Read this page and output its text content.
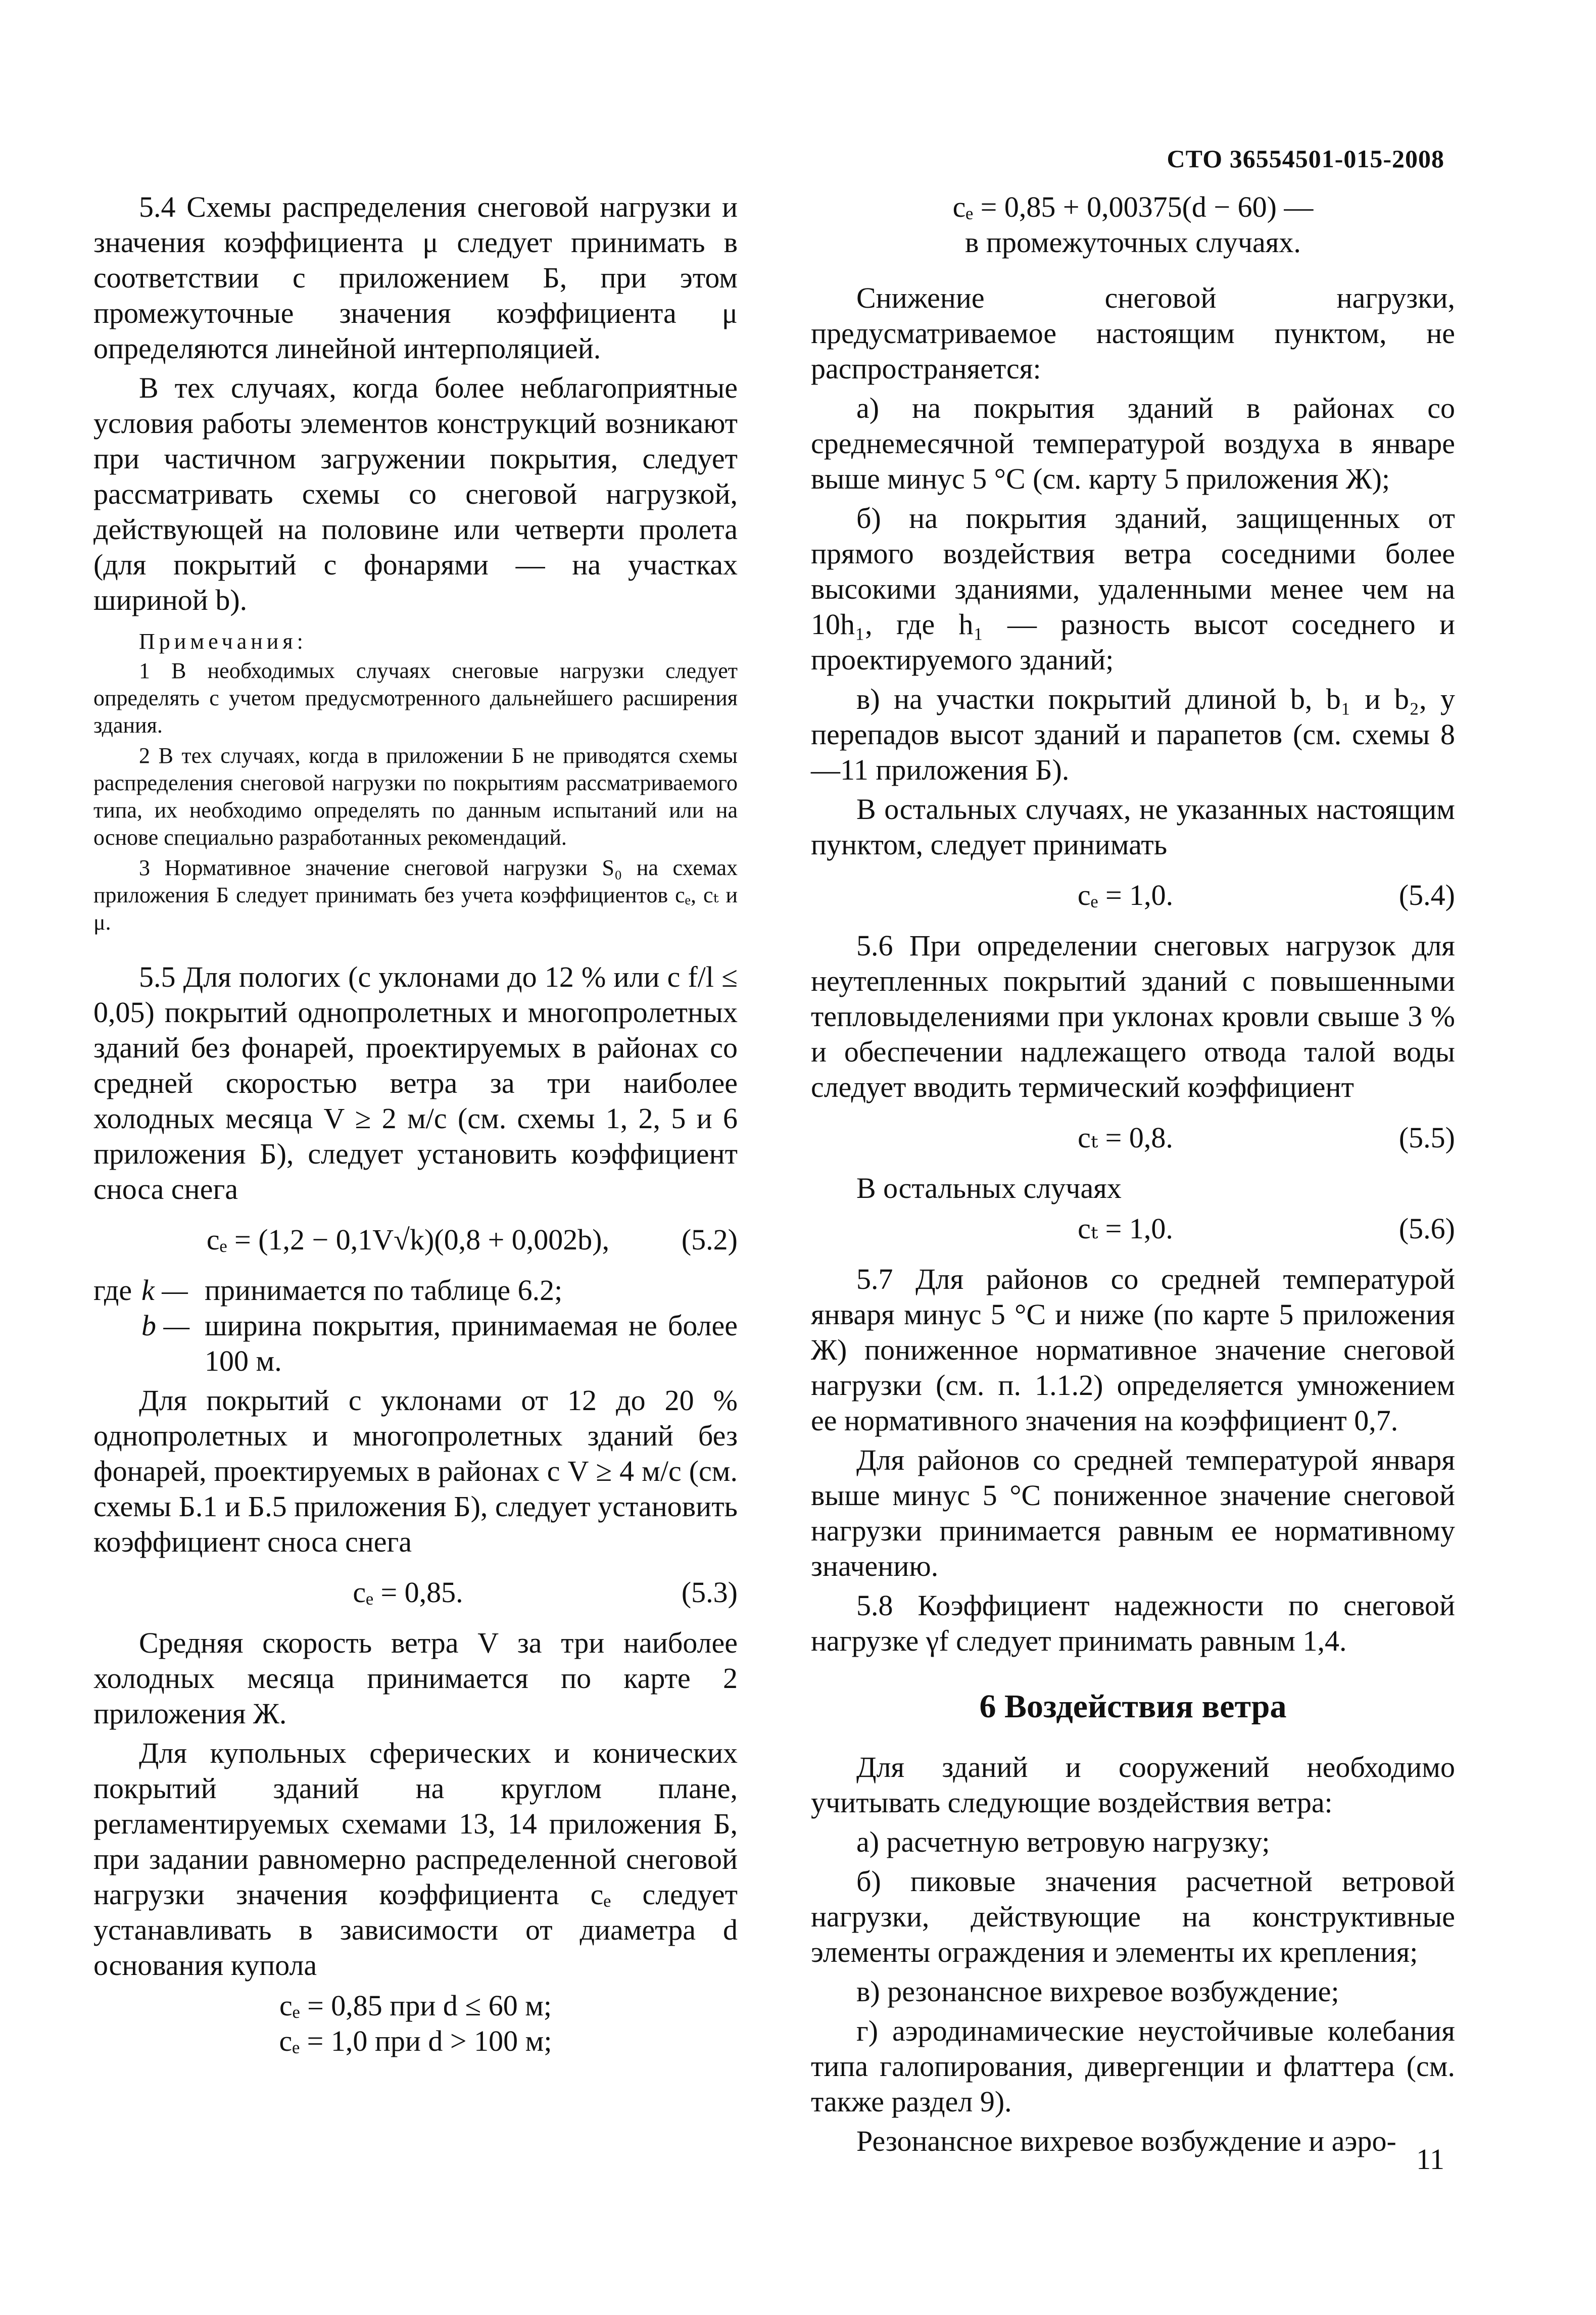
СТО 36554501-015-2008

5.4 Схемы распределения снеговой нагрузки и значения коэффициента μ следует принимать в соответствии с приложением Б, при этом промежуточные значения коэффициента μ определяются линейной интерполяцией.

В тех случаях, когда более неблагоприятные условия работы элементов конструкций возникают при частичном загружении покрытия, следует рассматривать схемы со снеговой нагрузкой, действующей на половине или четверти пролета (для покрытий с фонарями — на участках шириной b).

Примечания:

1 В необходимых случаях снеговые нагрузки следует определять с учетом предусмотренного дальнейшего расширения здания.

2 В тех случаях, когда в приложении Б не приводятся схемы распределения снеговой нагрузки по покрытиям рассматриваемого типа, их необходимо определять по данным испытаний или на основе специально разработанных рекомендаций.

3 Нормативное значение снеговой нагрузки S₀ на схемах приложения Б следует принимать без учета коэффициентов cₑ, cₜ и μ.

5.5 Для пологих (с уклонами до 12 % или с f/l ≤ 0,05) покрытий однопролетных и многопролетных зданий без фонарей, проектируемых в районах со средней скоростью ветра за три наиболее холодных месяца V ≥ 2 м/с (см. схемы 1, 2, 5 и 6 приложения Б), следует установить коэффициент сноса снега

cₑ = (1,2 − 0,1V√k)(0,8 + 0,002b),	(5.2)
где k — принимается по таблице 6.2;
b — ширина покрытия, принимаемая не более 100 м.

Для покрытий с уклонами от 12 до 20 % однопролетных и многопролетных зданий без фонарей, проектируемых в районах с V ≥ 4 м/с (см. схемы Б.1 и Б.5 приложения Б), следует установить коэффициент сноса снега

cₑ = 0,85.	(5.3)

Средняя скорость ветра V за три наиболее холодных месяца принимается по карте 2 приложения Ж.

Для купольных сферических и конических покрытий зданий на круглом плане, регламентируемых схемами 13, 14 приложения Б, при задании равномерно распределенной снеговой нагрузки значения коэффициента cₑ следует устанавливать в зависимости от диаметра d основания купола

cₑ = 0,85 при d ≤ 60 м;

cₑ = 1,0 при d > 100 м;

cₑ = 0,85 + 0,00375(d − 60) —

в промежуточных случаях.

Снижение снеговой нагрузки, предусматриваемое настоящим пунктом, не распространяется:

а) на покрытия зданий в районах со среднемесячной температурой воздуха в январе выше минус 5 °С (см. карту 5 приложения Ж);

б) на покрытия зданий, защищенных от прямого воздействия ветра соседними более высокими зданиями, удаленными менее чем на 10h₁, где h₁ — разность высот соседнего и проектируемого зданий;

в) на участки покрытий длиной b, b₁ и b₂, у перепадов высот зданий и парапетов (см. схемы 8—11 приложения Б).

В остальных случаях, не указанных настоящим пунктом, следует принимать

cₑ = 1,0.	(5.4)

5.6 При определении снеговых нагрузок для неутепленных покрытий зданий с повышенными тепловыделениями при уклонах кровли свыше 3 % и обеспечении надлежащего отвода талой воды следует вводить термический коэффициент

cₜ = 0,8.	(5.5)

В остальных случаях

cₜ = 1,0.	(5.6)

5.7 Для районов со средней температурой января минус 5 °С и ниже (по карте 5 приложения Ж) пониженное нормативное значение снеговой нагрузки (см. п. 1.1.2) определяется умножением ее нормативного значения на коэффициент 0,7.

Для районов со средней температурой января выше минус 5 °С пониженное значение снеговой нагрузки принимается равным ее нормативному значению.

5.8 Коэффициент надежности по снеговой нагрузке γf следует принимать равным 1,4.

6 Воздействия ветра

Для зданий и сооружений необходимо учитывать следующие воздействия ветра:

а) расчетную ветровую нагрузку;

б) пиковые значения расчетной ветровой нагрузки, действующие на конструктивные элементы ограждения и элементы их крепления;

в) резонансное вихревое возбуждение;

г) аэродинамические неустойчивые колебания типа галопирования, дивергенции и флаттера (см. также раздел 9).

Резонансное вихревое возбуждение и аэро-

11
